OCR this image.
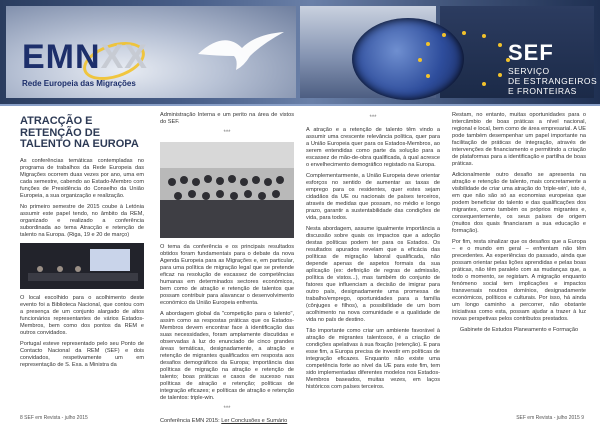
EMNXX
Rede Europeia das Migrações
SEF
SERVIÇO
DE ESTRANGEIROS
E FRONTEIRAS
ATRACÇÃO E RETENÇÃO DE TALENTO NA EUROPA

As conferências temáticas contempladas no programa de trabalhos da Rede Europeia das Migrações ocorrem duas vezes por ano, uma em cada semestre, cabendo ao Estado-Membro com funções de Presidência do Conselho da União Europeia, a sua organização e realização.

No primeiro semestre de 2015 coube à Letónia assumir este papel tendo, no âmbito da REM, organizado e realizado a conferência subordinada ao tema Atracção e retenção de talento na Europa. (Riga, 19 e 20 de março)

O local escolhido para o acolhimento deste evento foi a Biblioteca Nacional, que contou com a presença de um conjunto alargado de altos funcionários representantes de vários Estados-Membros, bem como dos pontos da REM e outros convidados.

Portugal esteve representado pelo seu Ponto de Contacto Nacional da REM (SEF) e dois convidados, respetivamente um em representação de S. Exa. a Ministra da

Administração Interna e um perito na área de vistos do SEF.

***

O tema da conferência e os principais resultados obtidos foram fundamentais para o debate da nova Agenda Europeia para as Migrações e, em particular, para uma política de migração legal que se pretende eficaz na resolução de escassez de competências humanas em determinados sectores económicos, bem como de atração e retenção de talentos que possam contribuir para alavancar o desenvolvimento económico da União Europeia enfrenta.

A abordagem global da "competição para o talento", assim como as respostas práticas que os Estados-Membros devem encontrar face à identificação das suas necessidades, foram amplamente discutidas e observadas à luz do enunciado de cinco grandes áreas temáticas, designadamente, a atração e retenção de migrantes qualificados em resposta aos desafios demográficos da Europa; importância das políticas de migração na atração e retenção de talento; boas práticas e casos de sucesso nas políticas de atração e retenção; políticas de integração eficazes; e políticas de atração e retenção de talentos: triple-win.

***

Conferência EMN 2015: Ler Conclusões e Sumário

***

A atração e a retenção de talento têm vindo a assumir uma crescente relevância política, quer para a União Europeia quer para os Estados-Membros, ao serem entendidas como parte da solução para a escassez de mão-de-obra qualificada, à qual acresce o envelhecimento demográfico registado na Europa.

Complementarmente, a União Europeia deve orientar esforços no sentido de aumentar as taxas de emprego para os residentes, quer estes sejam cidadãos da UE ou nacionais de países terceiros, através de medidas que possam, no médio e longo prazo, garantir a sustentabilidade das condições de vida, para todos.

Nesta abordagem, assume igualmente importância a discussão sobre quais os impactos que a adoção destas políticas podem ter para os Estados. Os resultados apurados revelam que a eficácia das políticas de migração laboral qualificada, não depende apenas de aspetos formais da sua aplicação (ex: definição de regras de admissão, política de vistos...), mas também do conjunto de fatores que influenciam a decisão de imigrar para outro país, designadamente uma promessa de trabalho/emprego, oportunidades para a família (cônjuges e filhos), a possibilidade de um bom acolhimento na nova comunidade e a qualidade de vida no país de destino.

Tão importante como criar um ambiente favorável à atração de migrantes talentosos, é a criação de condições apelativas à sua fixação (retenção). E para esse fim, a Europa precisa de investir em políticas de integração eficazes. Enquanto não existe uma competência forte ao nível da UE para este fim, tem sido implementadas diferentes modelos nos Estados-Membros baseados, muitas vezes, em laços históricos com países terceiros.

Restam, no entanto, muitas oportunidades para o intercâmbio de boas práticas a nível nacional, regional e local, bem como de área empresarial. A UE pode também desempenhar um papel importante na facilitação de práticas de integração, através de intervenções de financiamento e permitindo a criação de plataformas para a identificação e partilha de boas práticas.

Adicionalmente outro desafio se apresenta na atração e retenção de talento, mais concretamente a visibilidade de criar uma atração do 'triple-win', isto é, em que não são só as economias europeias que podem beneficiar do talento e das qualificações dos migrantes, como também os próprios migrantes e, consequentemente, os seus países de origem (muitos dos quais financiaram a sua educação e formação).

Por fim, resta sinalizar que os desafios que a Europa – e o mundo em geral – enfrentam não têm precedentes. As experiências do passado, ainda que possam orientar pelas lições aprendidas e pelas boas práticas, não têm paralelo com as mudanças que, a todo o momento, se registam. A migração enquanto fenómeno social tem implicações e impactos transversais noutros domínios, designadamente económicos, políticos e culturais. Por isso, há ainda um longo caminho a percorrer, não obstante iniciativas como esta, possam ajudar a trazer à luz novas perspetivas pelos contributos prestados.

Gabinete de Estudos Planeamento e Formação

8 SEF em Revista - julho 2015	SEF em Revista - julho 2015 9
